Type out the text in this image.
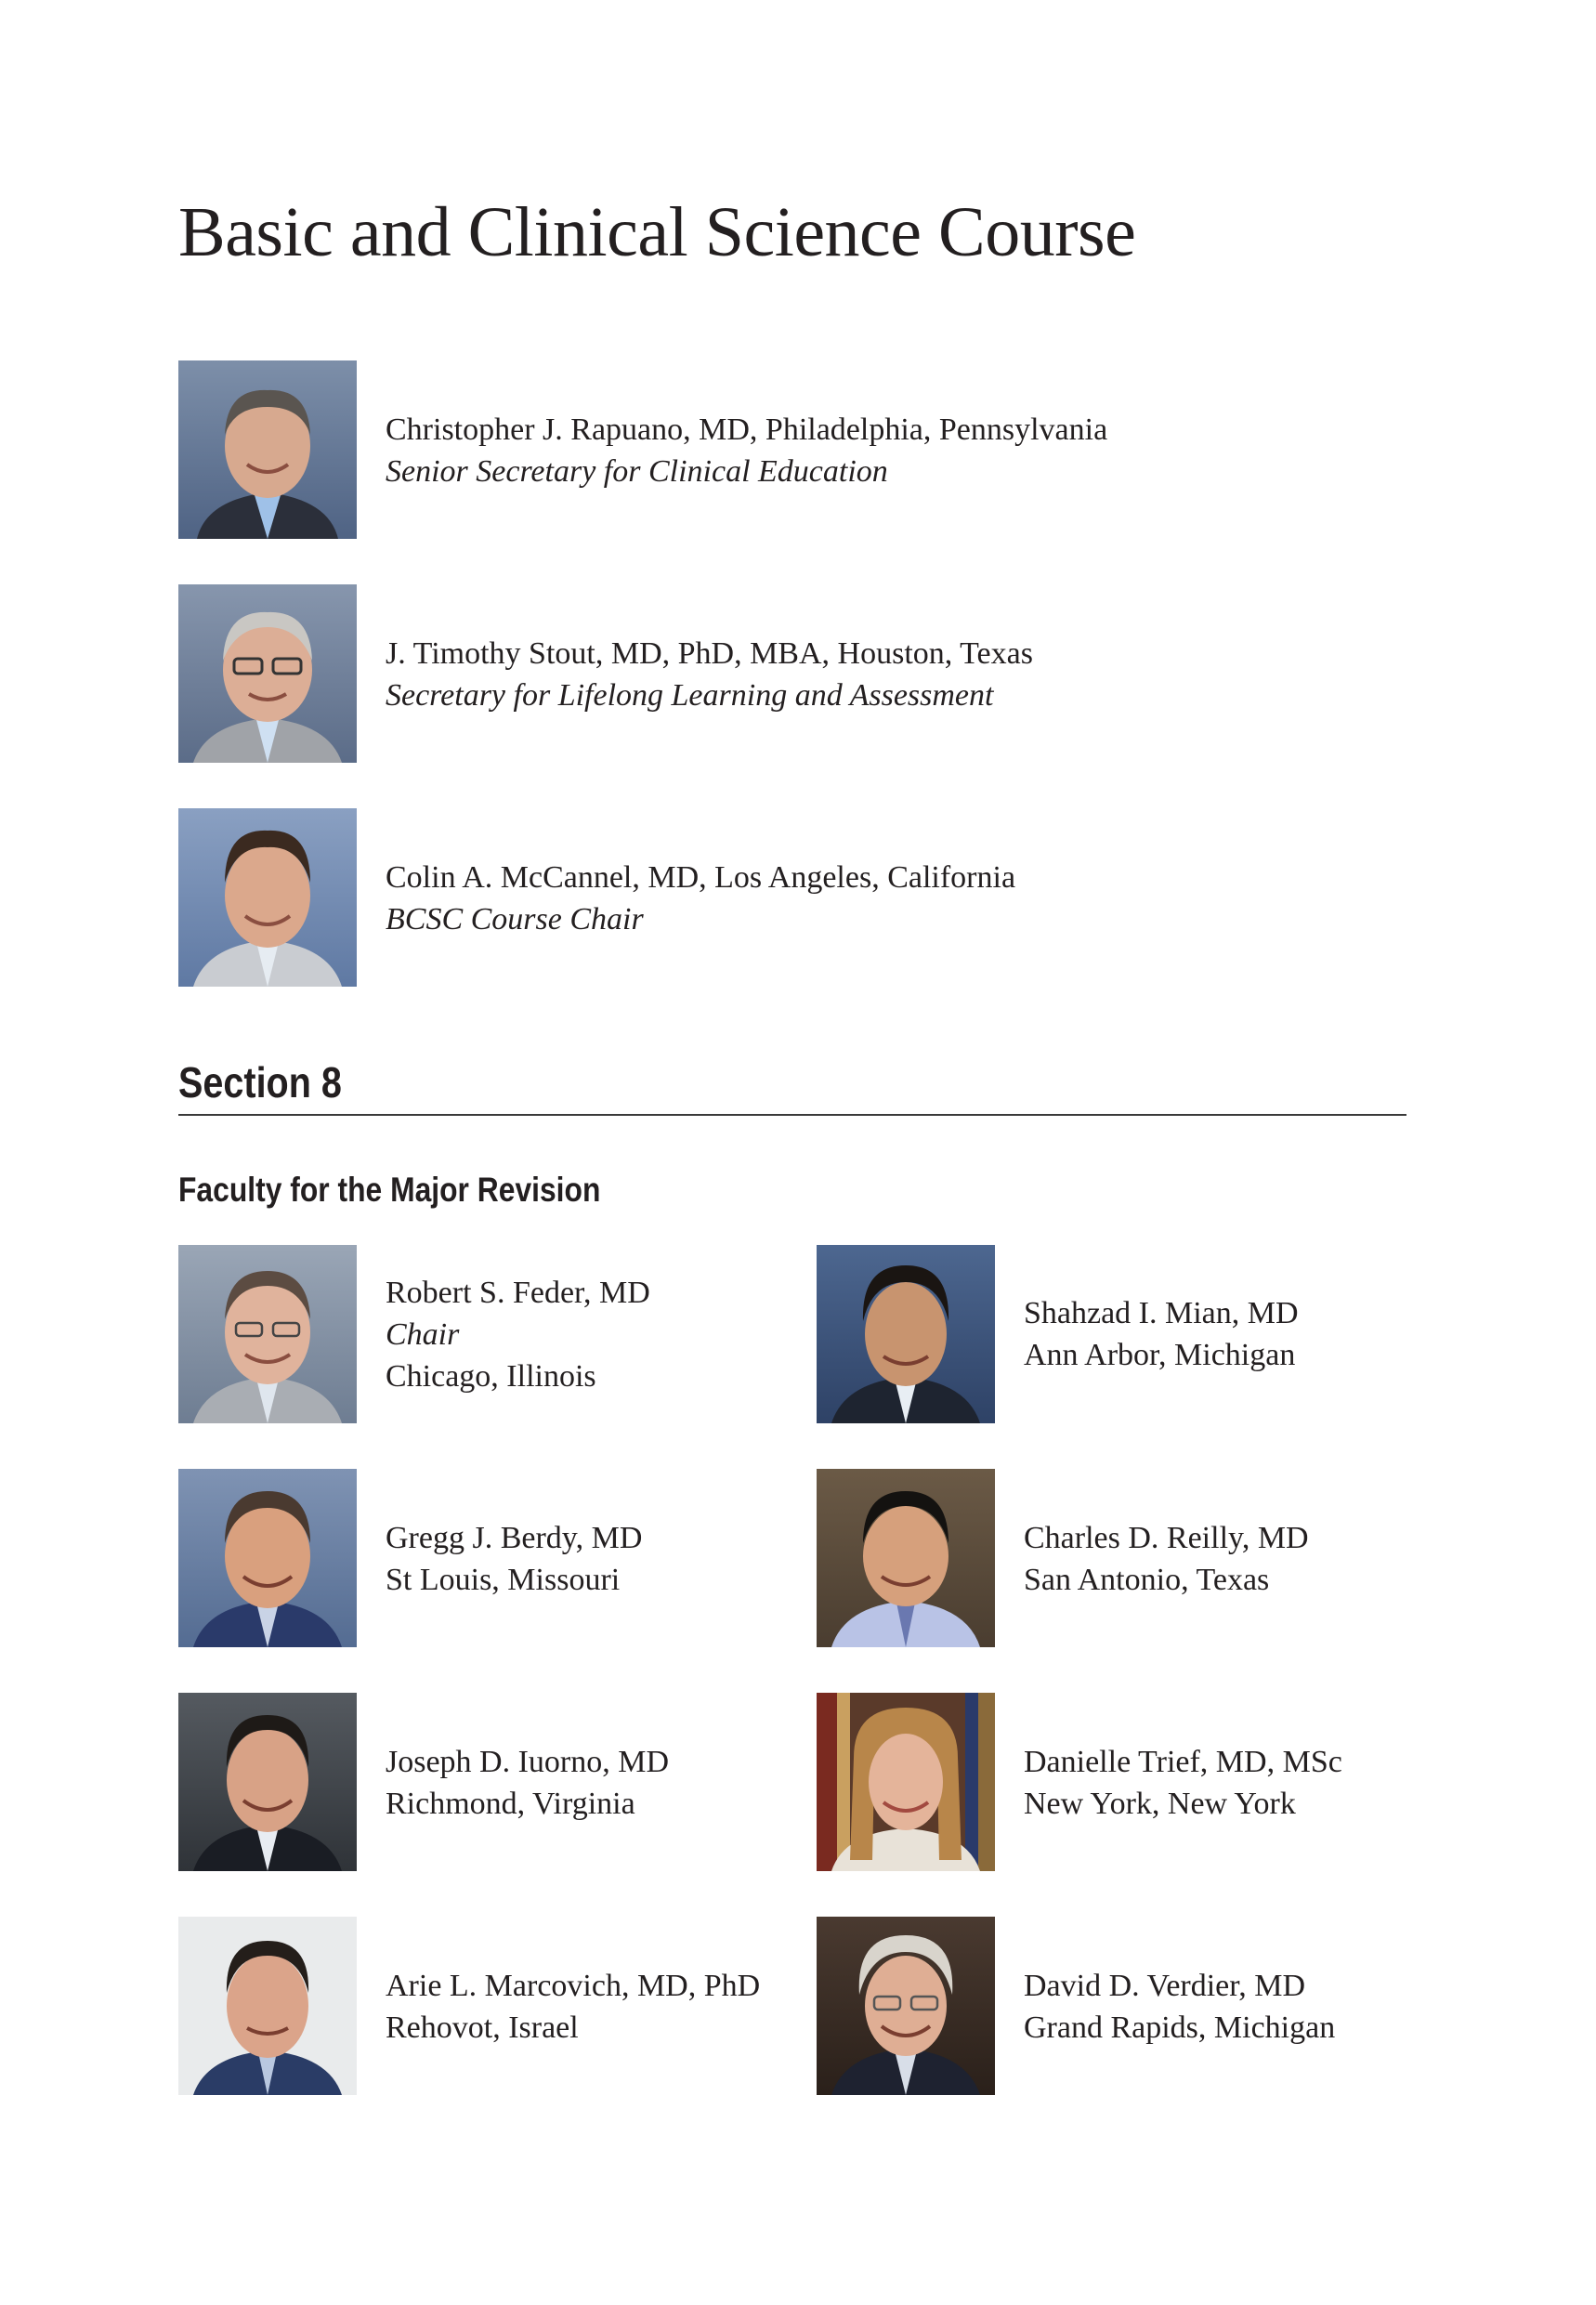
Basic and Clinical Science Course
Christopher J. Rapuano, MD, Philadelphia, Pennsylvania
Senior Secretary for Clinical Education
J. Timothy Stout, MD, PhD, MBA, Houston, Texas
Secretary for Lifelong Learning and Assessment
Colin A. McCannel, MD, Los Angeles, California
BCSC Course Chair
Section 8
Faculty for the Major Revision
Robert S. Feder, MD
Chair
Chicago, Illinois
Shahzad I. Mian, MD
Ann Arbor, Michigan
Gregg J. Berdy, MD
St Louis, Missouri
Charles D. Reilly, MD
San Antonio, Texas
Joseph D. Iuorno, MD
Richmond, Virginia
Danielle Trief, MD, MSc
New York, New York
Arie L. Marcovich, MD, PhD
Rehovot, Israel
David D. Verdier, MD
Grand Rapids, Michigan
